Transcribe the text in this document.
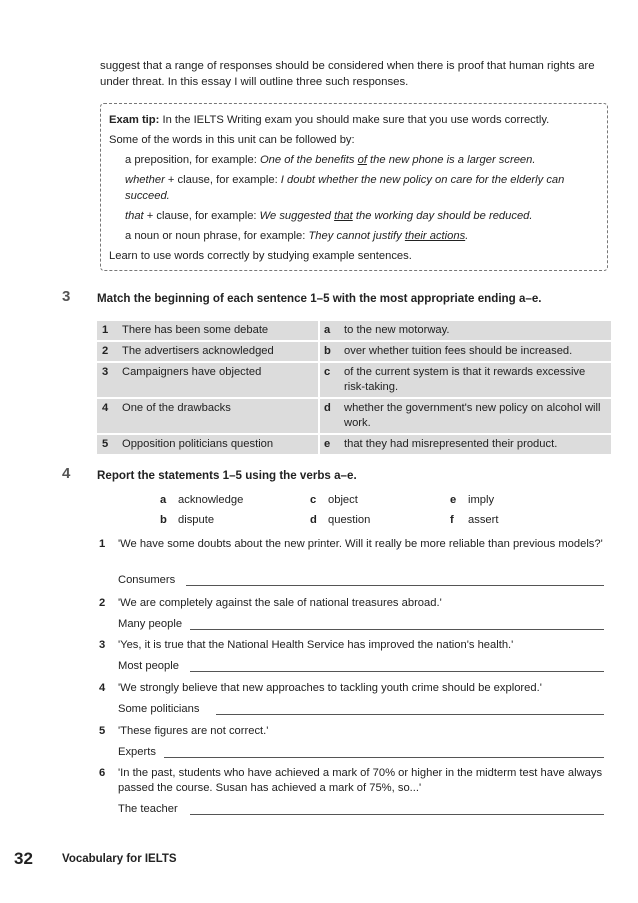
suggest that a range of responses should be considered when there is proof that human rights are under threat. In this essay I will outline three such responses.

Exam tip: In the IELTS Writing exam you should make sure that you use words correctly.

Some of the words in this unit can be followed by:

a preposition, for example: One of the benefits of the new phone is a larger screen.

whether + clause, for example: I doubt whether the new policy on care for the elderly can succeed.

that + clause, for example: We suggested that the working day should be reduced.

a noun or noun phrase, for example: They cannot justify their actions.

Learn to use words correctly by studying example sentences.

3 Match the beginning of each sentence 1–5 with the most appropriate ending a–e.
1	There has been some debate	a	to the new motorway.
2	The advertisers acknowledged	b	over whether tuition fees should be increased.
3	Campaigners have objected	c	of the current system is that it rewards excessive risk-taking.
4	One of the drawbacks	d	whether the government's new policy on alcohol will work.
5	Opposition politicians question	e	that they had misrepresented their product.
4 Report the statements 1–5 using the verbs a–e.
a acknowledge	c object	e imply
b dispute	d question	f assert
1 'We have some doubts about the new printer. Will it really be more reliable than previous models?'
Consumers
2 'We are completely against the sale of national treasures abroad.'
Many people
3 'Yes, it is true that the National Health Service has improved the nation's health.'
Most people
4 'We strongly believe that new approaches to tackling youth crime should be explored.'
Some politicians
5 'These figures are not correct.'
Experts
6 'In the past, students who have achieved a mark of 70% or higher in the midterm test have always passed the course. Susan has achieved a mark of 75%, so...'
The teacher
32	Vocabulary for IELTS
